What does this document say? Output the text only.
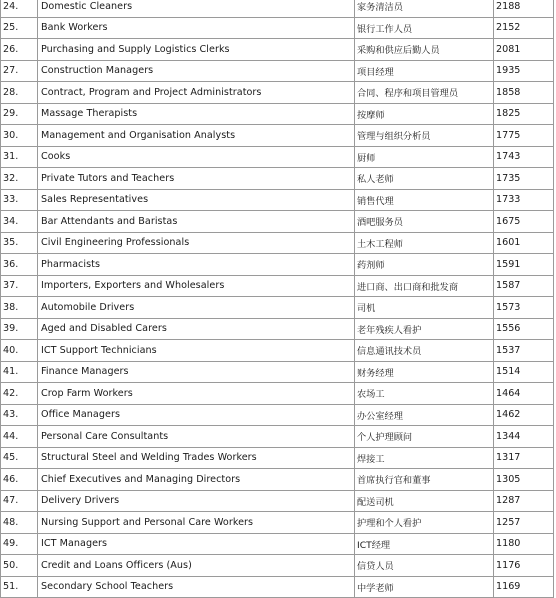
24.	Domestic Cleaners	家务清洁员	2188
25.	Bank Workers	银行工作人员	2152
26.	Purchasing and Supply Logistics Clerks	采购和供应后勤人员	2081
27.	Construction Managers	项目经理	1935
28.	Contract, Program and Project Administrators	合同、程序和项目管理员	1858
29.	Massage Therapists	按摩师	1825
30.	Management and Organisation Analysts	管理与组织分析员	1775
31.	Cooks	厨师	1743
32.	Private Tutors and Teachers	私人老师	1735
33.	Sales Representatives	销售代理	1733
34.	Bar Attendants and Baristas	酒吧服务员	1675
35.	Civil Engineering Professionals	土木工程师	1601
36.	Pharmacists	药剂师	1591
37.	Importers, Exporters and Wholesalers	进口商、出口商和批发商	1587
38.	Automobile Drivers	司机	1573
39.	Aged and Disabled Carers	老年残疾人看护	1556
40.	ICT Support Technicians	信息通讯技术员	1537
41.	Finance Managers	财务经理	1514
42.	Crop Farm Workers	农场工	1464
43.	Office Managers	办公室经理	1462
44.	Personal Care Consultants	个人护理顾问	1344
45.	Structural Steel and Welding Trades Workers	焊接工	1317
46.	Chief Executives and Managing Directors	首席执行官和董事	1305
47.	Delivery Drivers	配送司机	1287
48.	Nursing Support and Personal Care Workers	护理和个人看护	1257
49.	ICT Managers	ICT经理	1180
50.	Credit and Loans Officers (Aus)	信贷人员	1176
51.	Secondary School Teachers	中学老师	1169
